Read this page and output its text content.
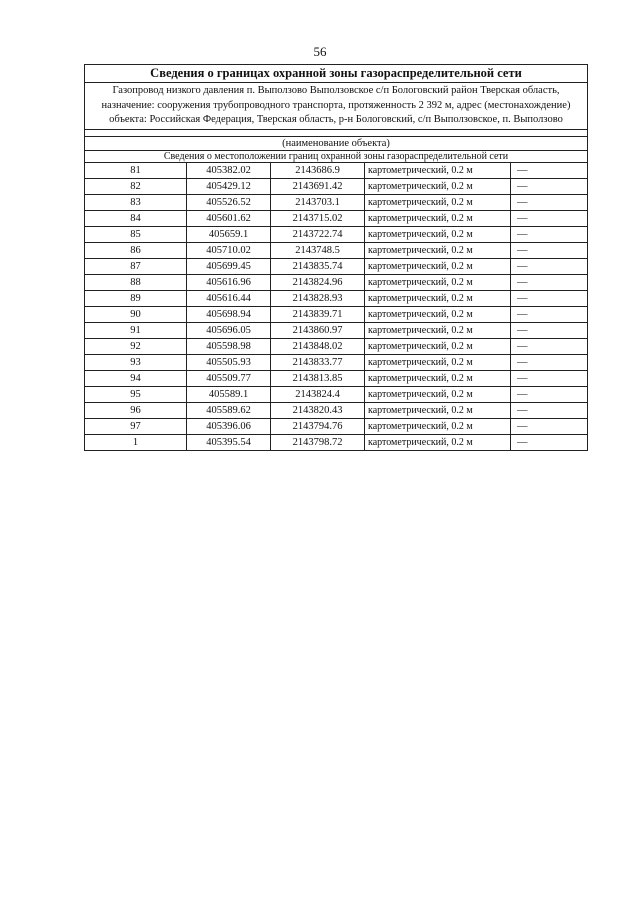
56
Сведения о границах охранной зоны газораспределительной сети				
Газопровод низкого давления п. Выползово Выползовское с/п Бологовский район Тверская область, назначение: сооружения трубопроводного транспорта, протяженность 2 392 м, адрес (местонахождение) объекта: Российская Федерация, Тверская область, р-н Бологовский, с/п Выползовское, п. Выползово				

(наименование объекта)				
Сведения о местоположении границ охранной зоны газораспределительной сети				
81	405382.02	2143686.9	картометрический, 0.2 м	—
82	405429.12	2143691.42	картометрический, 0.2 м	—
83	405526.52	2143703.1	картометрический, 0.2 м	—
84	405601.62	2143715.02	картометрический, 0.2 м	—
85	405659.1	2143722.74	картометрический, 0.2 м	—
86	405710.02	2143748.5	картометрический, 0.2 м	—
87	405699.45	2143835.74	картометрический, 0.2 м	—
88	405616.96	2143824.96	картометрический, 0.2 м	—
89	405616.44	2143828.93	картометрический, 0.2 м	—
90	405698.94	2143839.71	картометрический, 0.2 м	—
91	405696.05	2143860.97	картометрический, 0.2 м	—
92	405598.98	2143848.02	картометрический, 0.2 м	—
93	405505.93	2143833.77	картометрический, 0.2 м	—
94	405509.77	2143813.85	картометрический, 0.2 м	—
95	405589.1	2143824.4	картометрический, 0.2 м	—
96	405589.62	2143820.43	картометрический, 0.2 м	—
97	405396.06	2143794.76	картометрический, 0.2 м	—
1	405395.54	2143798.72	картометрический, 0.2 м	—
